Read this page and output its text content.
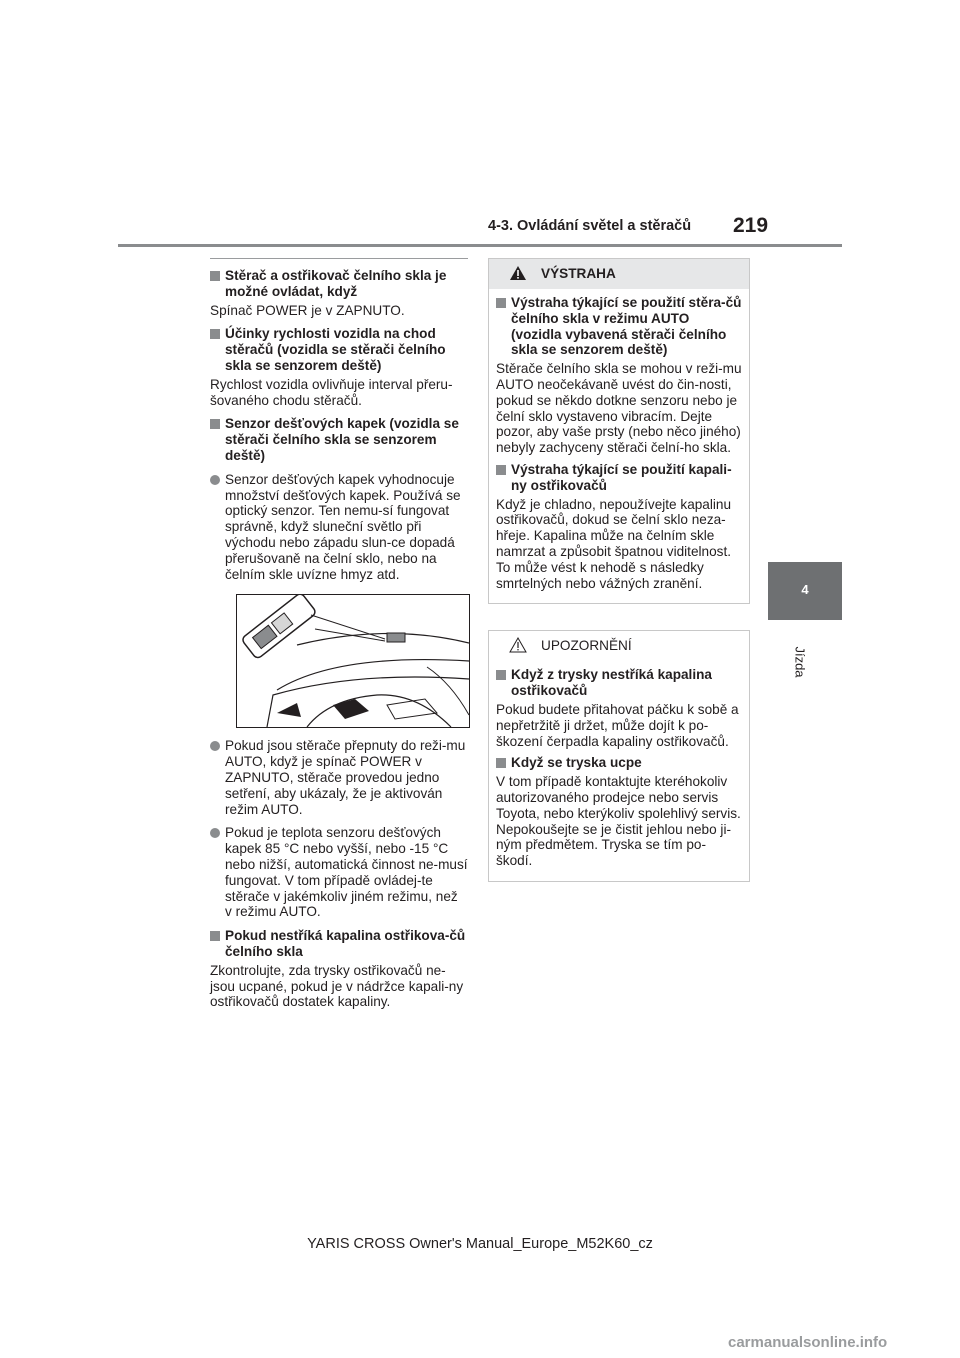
4-3. Ovládání světel a stěračů 219
4
Jízda
Stěrač a ostřikovač čelního skla je možné ovládat, když
Spínač POWER je v ZAPNUTO.
Účinky rychlosti vozidla na chod stěračů (vozidla se stěrači čelního skla se senzorem deště)
Rychlost vozidla ovlivňuje interval přeru-šovaného chodu stěračů.
Senzor dešťových kapek (vozidla se stěrači čelního skla se senzorem deště)
Senzor dešťových kapek vyhodnocuje množství dešťových kapek. Používá se optický senzor. Ten nemu-sí fungovat správně, když sluneční světlo při východu nebo západu slun-ce dopadá přerušovaně na čelní sklo, nebo na čelním skle uvízne hmyz atd.
Pokud jsou stěrače přepnuty do reži-mu AUTO, když je spínač POWER v ZAPNUTO, stěrače provedou jedno setření, aby ukázaly, že je aktivován režim AUTO.
Pokud je teplota senzoru dešťových kapek 85 °C nebo vyšší, nebo -15 °C nebo nižší, automatická činnost ne-musí fungovat. V tom případě ovládej-te stěrače v jakémkoliv jiném režimu, než v režimu AUTO.
Pokud nestříká kapalina ostřikova-čů čelního skla
Zkontrolujte, zda trysky ostřikovačů ne-jsou ucpané, pokud je v nádržce kapali-ny ostřikovačů dostatek kapaliny.
VÝSTRAHA
Výstraha týkající se použití stěra-čů čelního skla v režimu AUTO (vozidla vybavená stěrači čelního skla se senzorem deště)
Stěrače čelního skla se mohou v reži-mu AUTO neočekávaně uvést do čin-nosti, pokud se někdo dotkne senzoru nebo je čelní sklo vystaveno vibracím. Dejte pozor, aby vaše prsty (nebo něco jiného) nebyly zachyceny stěrači čelní-ho skla.
Výstraha týkající se použití kapali-ny ostřikovačů
Když je chladno, nepoužívejte kapalinu ostřikovačů, dokud se čelní sklo neza-hřeje. Kapalina může na čelním skle namrzat a způsobit špatnou viditelnost. To může vést k nehodě s následky smrtelných nebo vážných zranění.
UPOZORNĚNÍ
Když z trysky nestříká kapalina ostřikovačů
Pokud budete přitahovat páčku k sobě a nepřetržitě ji držet, může dojít k po-škození čerpadla kapaliny ostřikovačů.
Když se tryska ucpe
V tom případě kontaktujte kteréhokoliv autorizovaného prodejce nebo servis Toyota, nebo kterýkoliv spolehlivý servis. Nepokoušejte se je čistit jehlou nebo ji-ným předmětem. Tryska se tím po-škodí.
YARIS CROSS Owner's Manual_Europe_M52K60_cz
carmanualsonline.info
